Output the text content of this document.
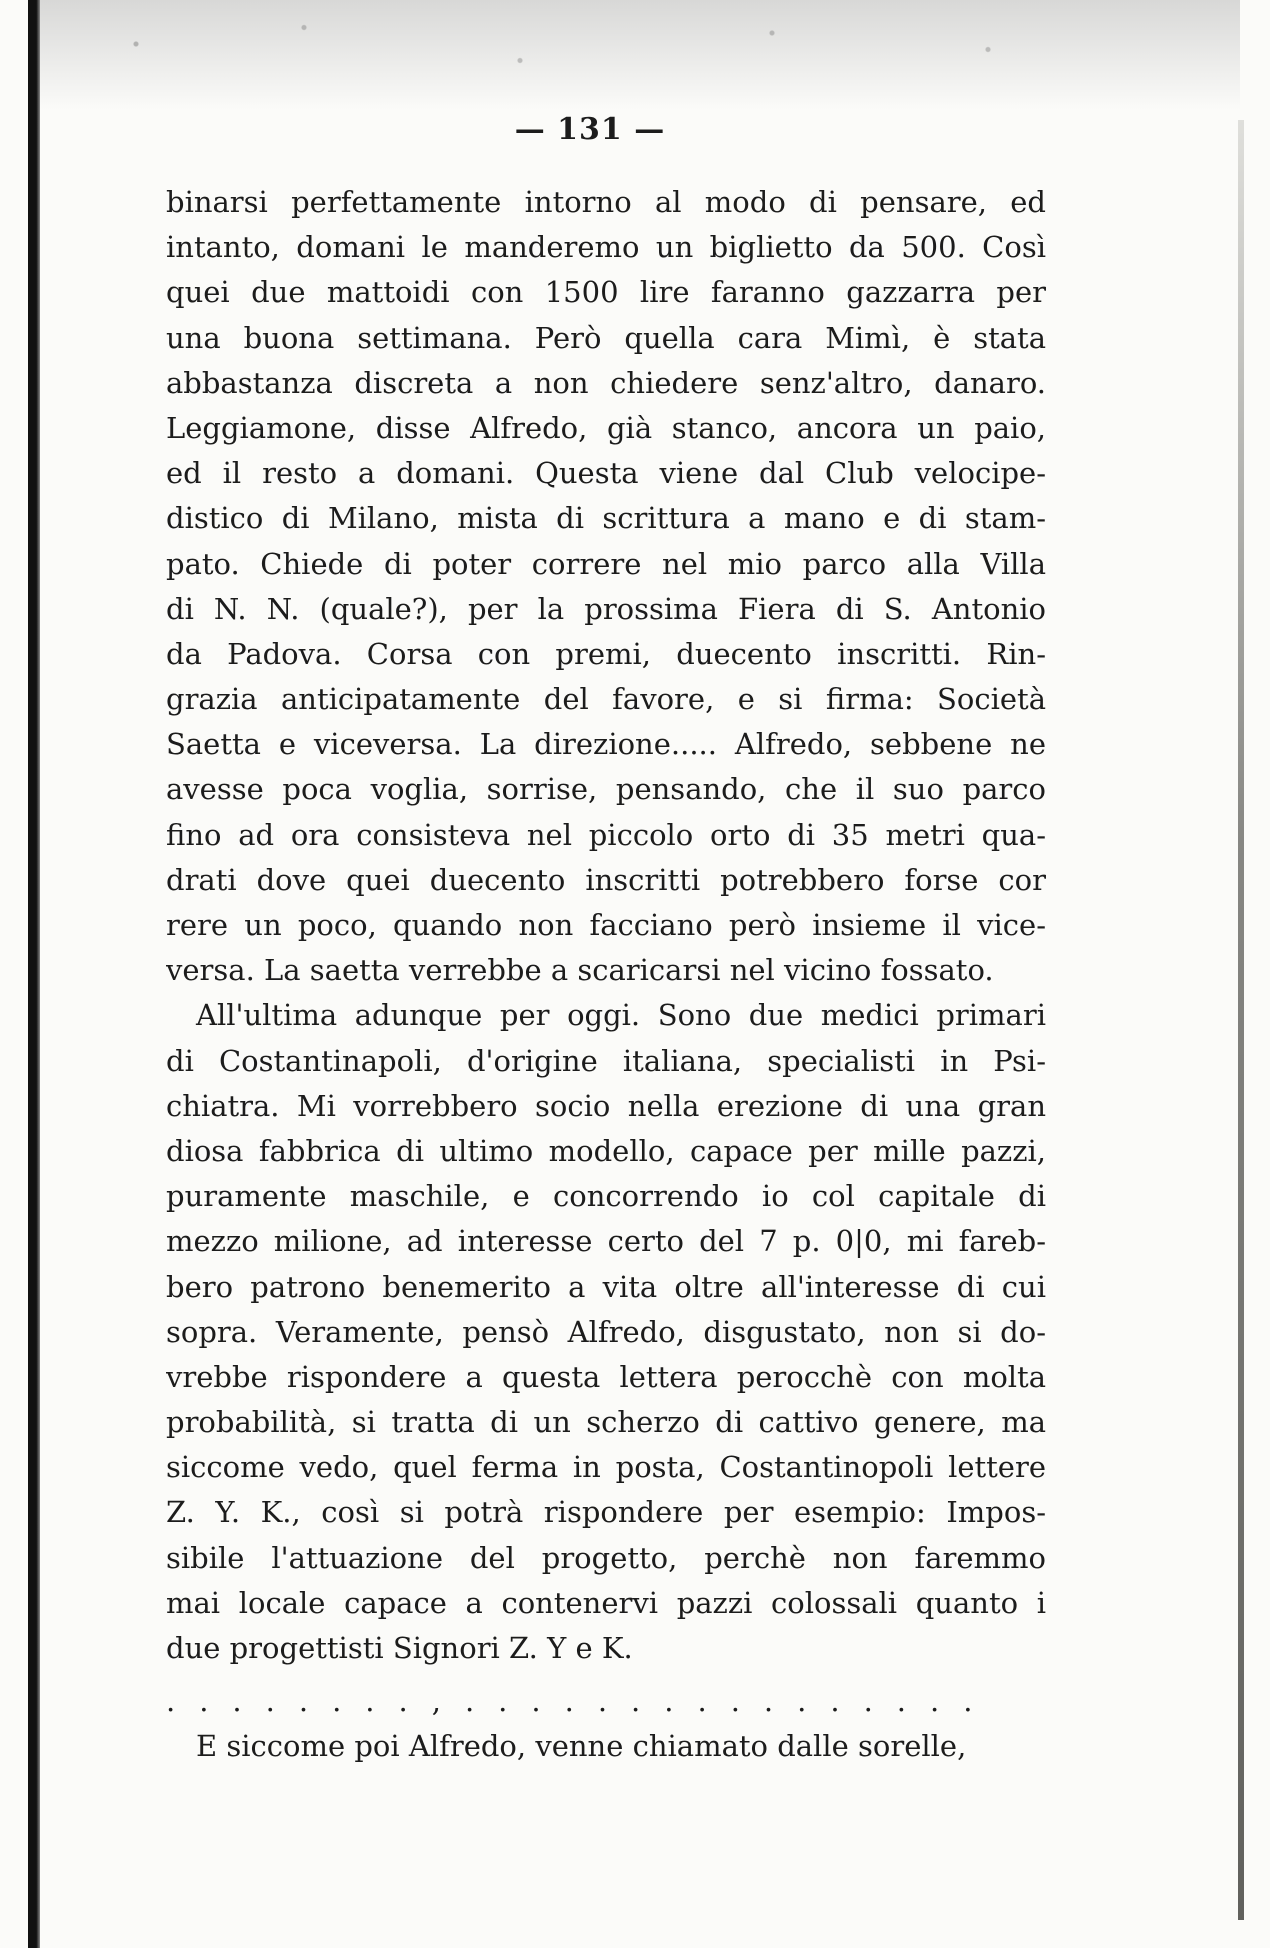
— 131 —
binarsi perfettamente intorno al modo di pensare, ed
intanto, domani le manderemo un biglietto da 500. Così
quei due mattoidi con 1500 lire faranno gazzarra per
una buona settimana. Però quella cara Mimì, è stata
abbastanza discreta a non chiedere senz'altro, danaro.
Leggiamone, disse Alfredo, già stanco, ancora un paio,
ed il resto a domani. Questa viene dal Club velocipe-
distico di Milano, mista di scrittura a mano e di stam-
pato. Chiede di poter correre nel mio parco alla Villa
di N. N. (quale?), per la prossima Fiera di S. Antonio
da Padova. Corsa con premi, duecento inscritti. Rin-
grazia anticipatamente del favore, e si firma: Società
Saetta e viceversa. La direzione..... Alfredo, sebbene ne
avesse poca voglia, sorrise, pensando, che il suo parco
fino ad ora consisteva nel piccolo orto di 35 metri qua-
drati dove quei duecento inscritti potrebbero forse cor
rere un poco, quando non facciano però insieme il vice-
versa. La saetta verrebbe a scaricarsi nel vicino fossato.
All'ultima adunque per oggi. Sono due medici primari
di Costantinapoli, d'origine italiana, specialisti in Psi-
chiatra. Mi vorrebbero socio nella erezione di una gran
diosa fabbrica di ultimo modello, capace per mille pazzi,
puramente maschile, e concorrendo io col capitale di
mezzo milione, ad interesse certo del 7 p. 0|0, mi fareb-
bero patrono benemerito a vita oltre all'interesse di cui
sopra. Veramente, pensò Alfredo, disgustato, non si do-
vrebbe rispondere a questa lettera perocchè con molta
probabilità, si tratta di un scherzo di cattivo genere, ma
siccome vedo, quel ferma in posta, Costantinopoli lettere
Z. Y. K., così si potrà rispondere per esempio: Impos-
sibile l'attuazione del progetto, perchè non faremmo
mai locale capace a contenervi pazzi colossali quanto i
due progettisti Signori Z. Y e K.
........,................
E siccome poi Alfredo, venne chiamato dalle sorelle,
